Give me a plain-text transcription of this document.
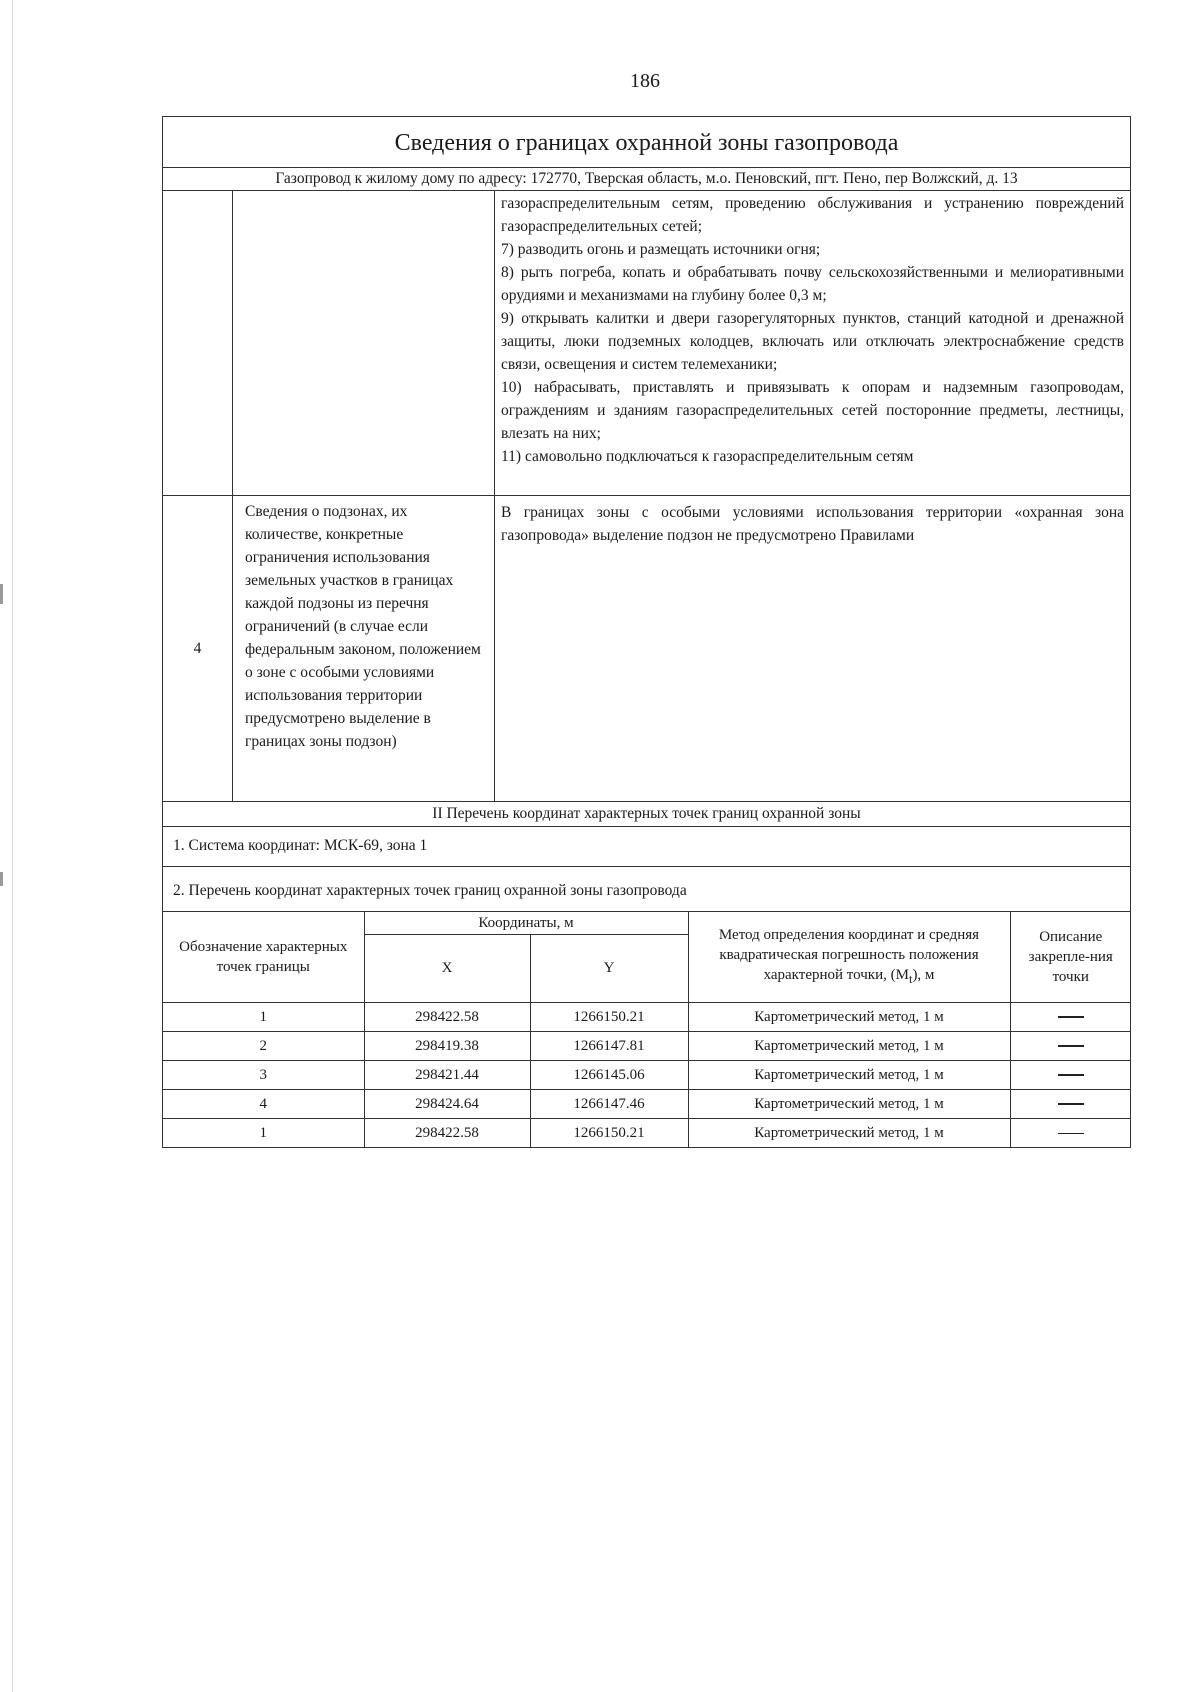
186
Сведения о границах охранной зоны газопровода
Газопровод к жилому дому по адресу: 172770, Тверская область, м.о. Пеновский, пгт. Пено, пер Волжский, д. 13

газораспределительным сетям, проведению обслуживания и устранению повреждений газораспределительных сетей;

7) разводить огонь и размещать источники огня;

8) рыть погреба, копать и обрабатывать почву сельскохозяйственными и мелиоративными орудиями и механизмами на глубину более 0,3 м;

9) открывать калитки и двери газорегуляторных пунктов, станций катодной и дренажной защиты, люки подземных колодцев, включать или отключать электроснабжение средств связи, освещения и систем телемеханики;

10) набрасывать, приставлять и привязывать к опорам и надземным газопроводам, ограждениям и зданиям газораспределительных сетей посторонние предметы, лестницы, влезать на них;

11) самовольно подключаться к газораспределительным сетям

4	Сведения о подзонах, их количестве, конкретные ограничения использования земельных участков в границах каждой подзоны из перечня ограничений (в случае если федеральным законом, положением о зоне с особыми условиями использования территории предусмотрено выделение в границах зоны подзон)	В границах зоны с особыми условиями использования территории «охранная зона газопровода» выделение подзон не предусмотрено Правилами
II Перечень координат характерных точек границ охранной зоны
1. Система координат: МСК-69, зона 1
2. Перечень координат характерных точек границ охранной зоны газопровода

Обозначение характерных точек границы	Координаты, м	Метод определения координат и средняя квадратическая погрешность положения характерной точки, $(M_t)$, м	Описание закрепле-ния точки
X	Y
1	298422.58	1266150.21	Картометрический метод, 1 м	
2	298419.38	1266147.81	Картометрический метод, 1 м	
3	298421.44	1266145.06	Картометрический метод, 1 м	
4	298424.64	1266147.46	Картометрический метод, 1 м	
1	298422.58	1266150.21	Картометрический метод, 1 м	
